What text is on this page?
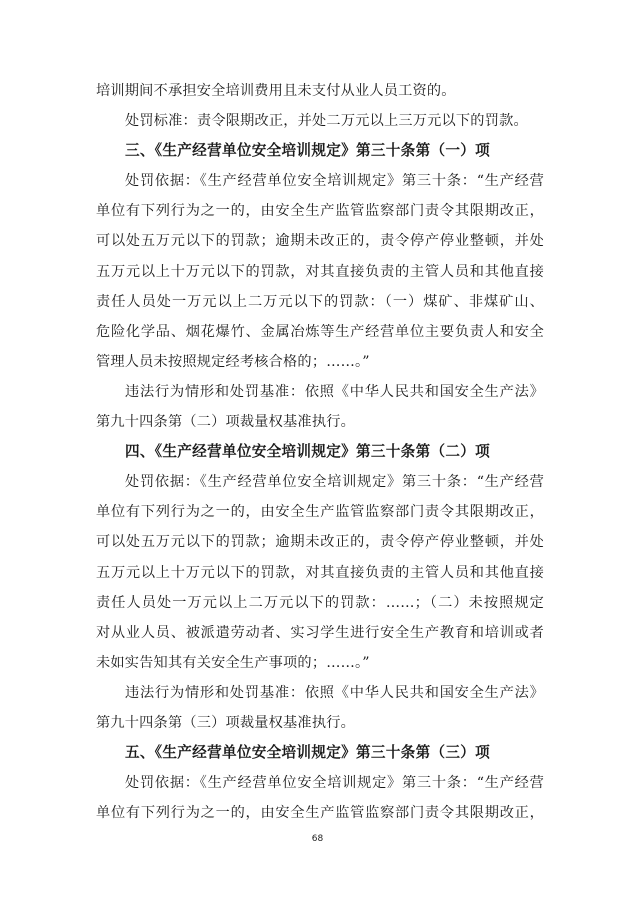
培训期间不承担安全培训费用且未支付从业人员工资的。
处罚标准：责令限期改正，并处二万元以上三万元以下的罚款。
三、《生产经营单位安全培训规定》第三十条第（一）项
处罚依据：《生产经营单位安全培训规定》第三十条：“生产经营
单位有下列行为之一的，由安全生产监管监察部门责令其限期改正，
可以处五万元以下的罚款；逾期未改正的，责令停产停业整顿，并处
五万元以上十万元以下的罚款，对其直接负责的主管人员和其他直接
责任人员处一万元以上二万元以下的罚款：（一）煤矿、非煤矿山、
危险化学品、烟花爆竹、金属冶炼等生产经营单位主要负责人和安全
管理人员未按照规定经考核合格的；……。”
违法行为情形和处罚基准：依照《中华人民共和国安全生产法》
第九十四条第（二）项裁量权基准执行。
四、《生产经营单位安全培训规定》第三十条第（二）项
处罚依据：《生产经营单位安全培训规定》第三十条：“生产经营
单位有下列行为之一的，由安全生产监管监察部门责令其限期改正，
可以处五万元以下的罚款；逾期未改正的，责令停产停业整顿，并处
五万元以上十万元以下的罚款，对其直接负责的主管人员和其他直接
责任人员处一万元以上二万元以下的罚款：……；（二）未按照规定
对从业人员、被派遣劳动者、实习学生进行安全生产教育和培训或者
未如实告知其有关安全生产事项的；……。”
违法行为情形和处罚基准：依照《中华人民共和国安全生产法》
第九十四条第（三）项裁量权基准执行。
五、《生产经营单位安全培训规定》第三十条第（三）项
处罚依据：《生产经营单位安全培训规定》第三十条：“生产经营
单位有下列行为之一的，由安全生产监管监察部门责令其限期改正，
68
